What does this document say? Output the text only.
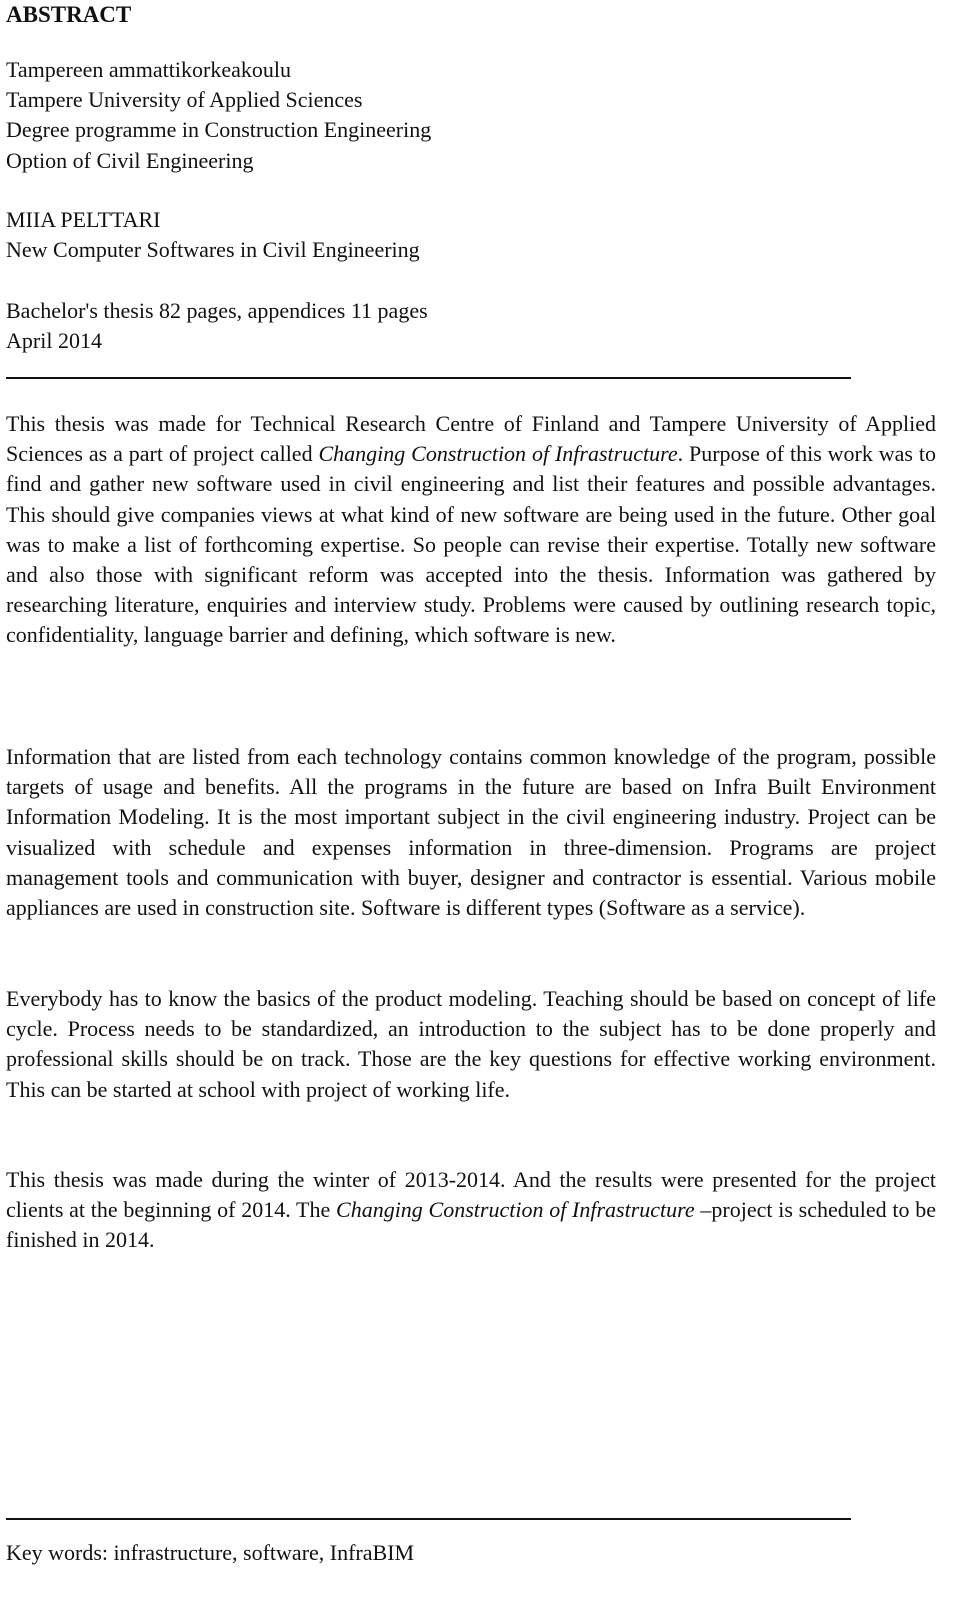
ABSTRACT
Tampereen ammattikorkeakoulu
Tampere University of Applied Sciences
Degree programme in Construction Engineering
Option of Civil Engineering
MIIA PELTTARI
New Computer Softwares in Civil Engineering
Bachelor's thesis 82 pages, appendices 11 pages
April 2014

This thesis was made for Technical Research Centre of Finland and Tampere University of Applied Sciences as a part of project called Changing Construction of Infrastructure. Purpose of this work was to find and gather new software used in civil engineering and list their features and possible advantages. This should give companies views at what kind of new software are being used in the future. Other goal was to make a list of forthcoming expertise. So people can revise their expertise. Totally new software and also those with significant reform was accepted into the thesis. Information was gathered by researching literature, enquiries and interview study. Problems were caused by outlining research topic, confidentiality, language barrier and defining, which software is new.

Information that are listed from each technology contains common knowledge of the program, possible targets of usage and benefits. All the programs in the future are based on Infra Built Environment Information Modeling. It is the most important subject in the civil engineering industry. Project can be visualized with schedule and expenses information in three-dimension. Programs are project management tools and communication with buyer, designer and contractor is essential. Various mobile appliances are used in construction site. Software is different types (Software as a service).

Everybody has to know the basics of the product modeling. Teaching should be based on concept of life cycle. Process needs to be standardized, an introduction to the subject has to be done properly and professional skills should be on track. Those are the key questions for effective working environment. This can be started at school with project of working life.

This thesis was made during the winter of 2013-2014. And the results were presented for the project clients at the beginning of 2014. The Changing Construction of Infrastructure –project is scheduled to be finished in 2014.

Key words: infrastructure, software, InfraBIM
